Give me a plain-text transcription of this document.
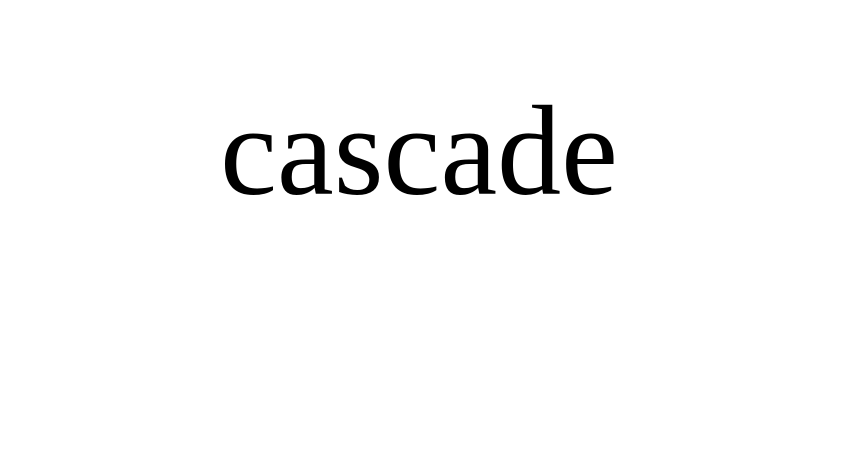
cascade
